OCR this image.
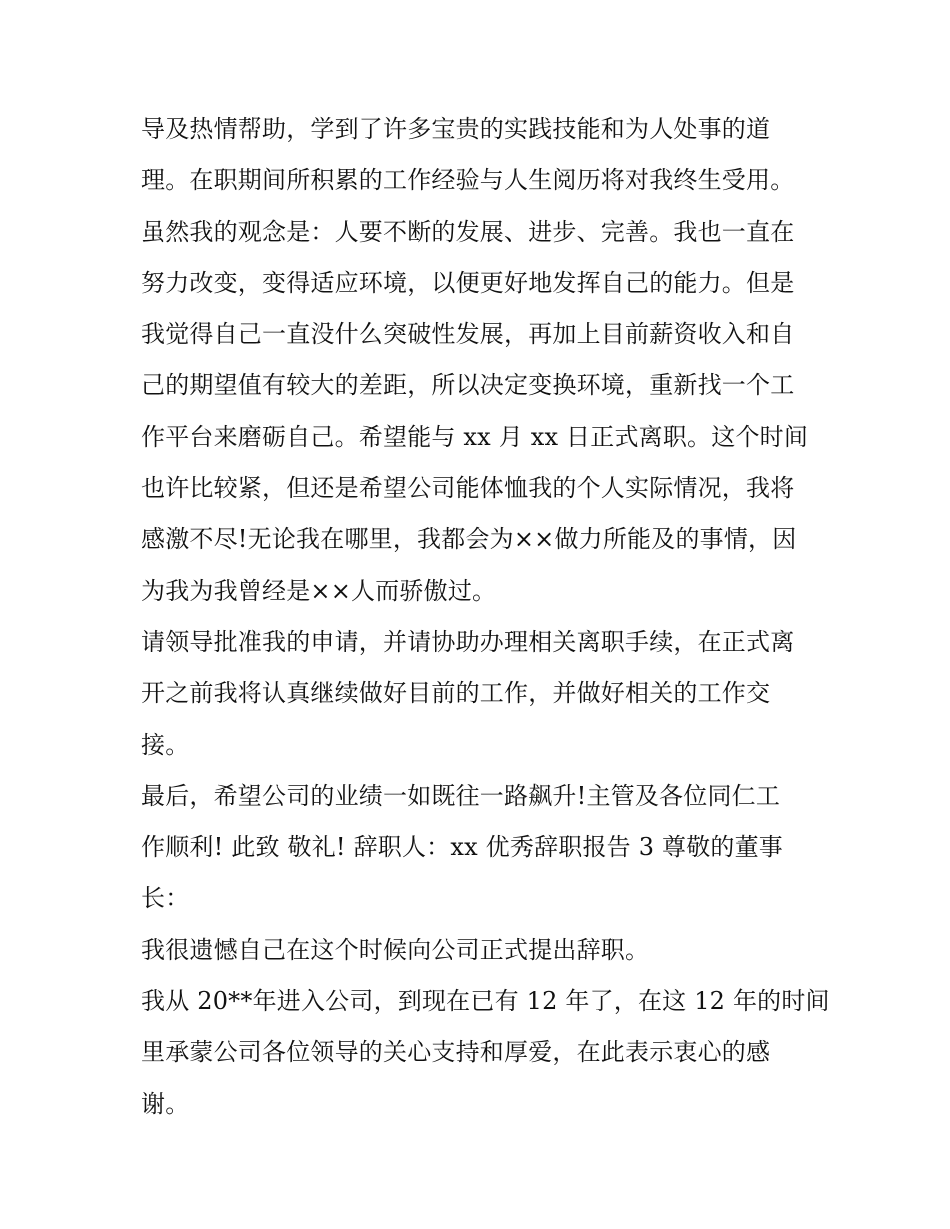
导及热情帮助，学到了许多宝贵的实践技能和为人处事的道
理。在职期间所积累的工作经验与人生阅历将对我终生受用。
虽然我的观念是：人要不断的发展、进步、完善。我也一直在
努力改变，变得适应环境，以便更好地发挥自己的能力。但是
我觉得自己一直没什么突破性发展，再加上目前薪资收入和自
己的期望值有较大的差距，所以决定变换环境，重新找一个工
作平台来磨砺自己。希望能与 xx 月 xx 日正式离职。这个时间
也许比较紧，但还是希望公司能体恤我的个人实际情况，我将
感激不尽!无论我在哪里，我都会为××做力所能及的事情，因
为我为我曾经是××人而骄傲过。
请领导批准我的申请，并请协助办理相关离职手续，在正式离
开之前我将认真继续做好目前的工作，并做好相关的工作交
接。
最后，希望公司的业绩一如既往一路飙升!主管及各位同仁工
作顺利! 此致 敬礼! 辞职人：xx 优秀辞职报告 3 尊敬的董事
长：
我很遗憾自己在这个时候向公司正式提出辞职。
我从 20**年进入公司，到现在已有 12 年了，在这 12 年的时间
里承蒙公司各位领导的关心支持和厚爱，在此表示衷心的感
谢。
